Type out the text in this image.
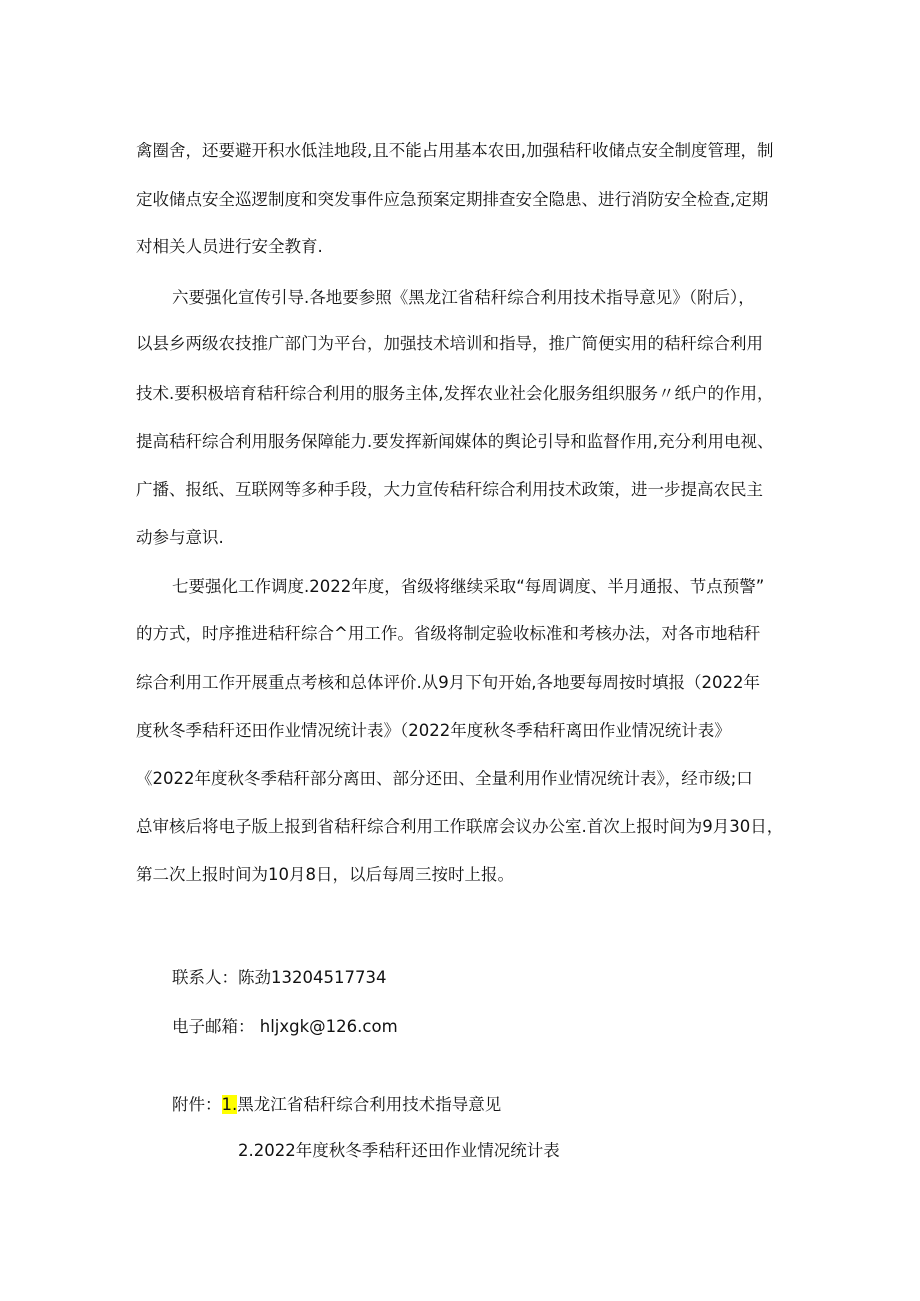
禽圈舍，还要避开积水低洼地段,且不能占用基本农田,加强秸秆收储点安全制度管理，制
定收储点安全巡逻制度和突发事件应急预案定期排查安全隐患、进行消防安全检查,定期
对相关人员进行安全教育.
六要强化宣传引导.各地要参照《黑龙江省秸秆综合利用技术指导意见》（附后），
以县乡两级农技推广部门为平台，加强技术培训和指导，推广简便实用的秸秆综合利用
技术.要积极培育秸秆综合利用的服务主体,发挥农业社会化服务组织服务〃纸户的作用，
提高秸秆综合利用服务保障能力.要发挥新闻媒体的舆论引导和监督作用,充分利用电视、
广播、报纸、互联网等多种手段，大力宣传秸秆综合利用技术政策，进一步提高农民主
动参与意识.
七要强化工作调度.2022年度，省级将继续采取“每周调度、半月通报、节点预警”
的方式，时序推进秸秆综合^用工作。省级将制定验收标准和考核办法，对各市地秸秆
综合利用工作开展重点考核和总体评价.从9月下旬开始,各地要每周按时填报（2022年
度秋冬季秸秆还田作业情况统计表》（2022年度秋冬季秸秆离田作业情况统计表》
《2022年度秋冬季秸秆部分离田、部分还田、全量利用作业情况统计表》，经市级;口
总审核后将电子版上报到省秸秆综合利用工作联席会议办公室.首次上报时间为9月30日，
第二次上报时间为10月8日，以后每周三按时上报。
联系人：陈劲13204517734
电子邮箱： hljxgk@126.com
附件：1.黑龙江省秸秆综合利用技术指导意见
2.2022年度秋冬季秸秆还田作业情况统计表
